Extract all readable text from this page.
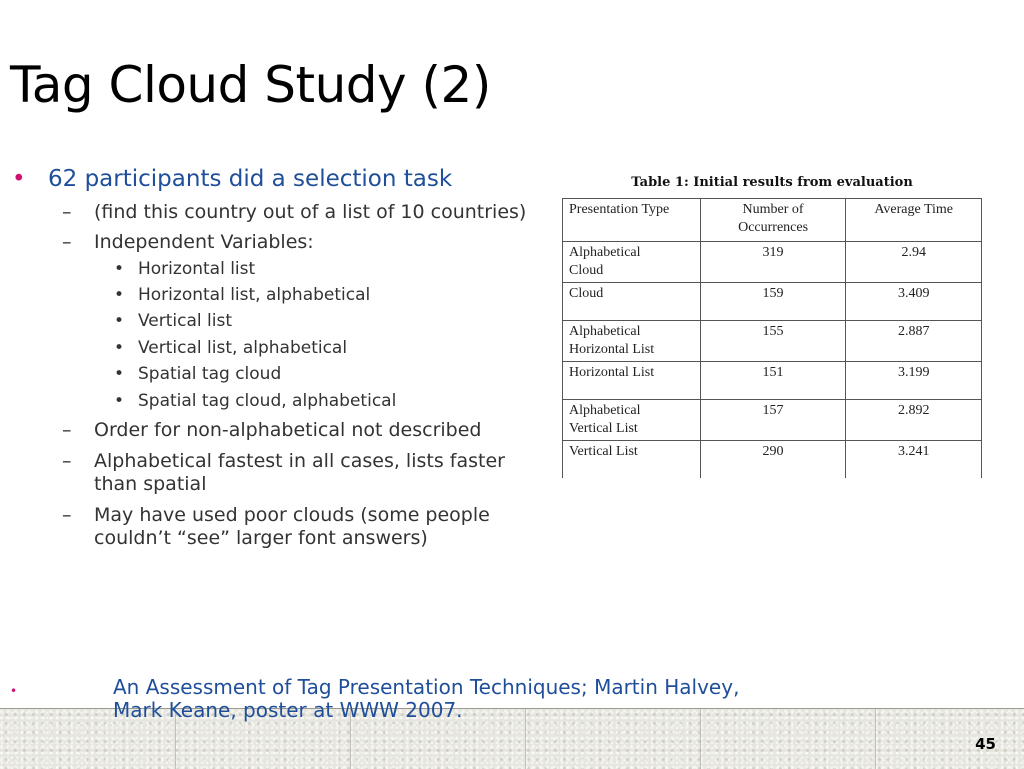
Tag Cloud Study (2)
• 62 participants did a selection task
– (find this country out of a list of 10 countries)
– Independent Variables:
• Horizontal list
• Horizontal list, alphabetical
• Vertical list
• Vertical list, alphabetical
• Spatial tag cloud
• Spatial tag cloud, alphabetical
– Order for non-alphabetical not described
– Alphabetical fastest in all cases, lists faster
than spatial
– May have used poor clouds (some people
couldn’t “see” larger font answers)
Table 1: Initial results from evaluation
Presentation Type	Number of Occurrences	Average Time
Alphabetical
Cloud	319	2.94
Cloud	159	3.409
Alphabetical
Horizontal List	155	2.887
Horizontal List	151	3.199
Alphabetical
Vertical List	157	2.892
Vertical List	290	3.241
45
•	An Assessment of Tag Presentation Techniques; Martin Halvey,
Mark Keane, poster at WWW 2007.
